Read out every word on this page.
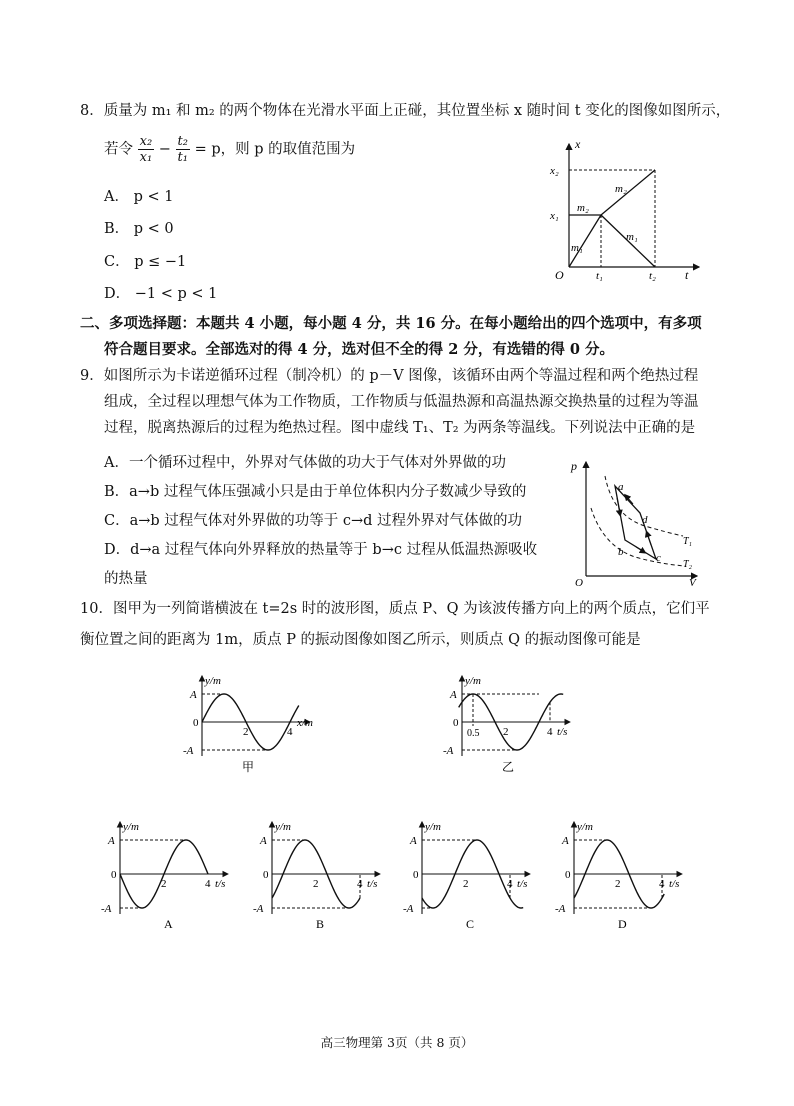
8．质量为 m₁ 和 m₂ 的两个物体在光滑水平面上正碰，其位置坐标 x 随时间 t 变化的图像如图所示，
若令 $\frac{\text{x₂}}{\text{x₁}} - \frac{\text{t₂}}{\text{t₁}} = p$，则 p 的取值范围为
A． p < 1
B． p < 0
C． p ≤ −1
D． −1 < p < 1
x
t
O
x₂
x₁
t₁	t₂
m₁
m₂
m₂
m₁
二、多项选择题：本题共 4 小题，每小题 4 分，共 16 分。在每小题给出的四个选项中，有多项
符合题目要求。全部选对的得 4 分，选对但不全的得 2 分，有选错的得 0 分。
9．如图所示为卡诺逆循环过程（制冷机）的 p－V 图像，该循环由两个等温过程和两个绝热过程
组成，全过程以理想气体为工作物质，工作物质与低温热源和高温热源交换热量的过程为等温
过程，脱离热源后的过程为绝热过程。图中虚线 T₁、T₂ 为两条等温线。下列说法中正确的是
A．一个循环过程中，外界对气体做的功大于气体对外界做的功
B．a→b 过程气体压强减小只是由于单位体积内分子数减少导致的
C．a→b 过程气体对外界做的功等于 c→d 过程外界对气体做的功
D．d→a 过程气体向外界释放的热量等于 b→c 过程从低温热源吸收
的热量
p
V
O
a
b	c
d
T₁
T₂
10．图甲为一列简谐横波在 t=2s 时的波形图，质点 P、Q 为该波传播方向上的两个质点，它们平
衡位置之间的距离为 1m，质点 P 的振动图像如图乙所示，则质点 Q 的振动图像可能是
y/m
A
-A
0
2	4
x/m
甲
y/m
A
-A
0
2	4
0.5	t/s
乙
y/m
A
-A
0
2	4 t/s
A
y/m
A
-A
0
2	4 t/s
B
y/m
A
-A
0
2	4 t/s
C
y/m
A
-A
0
2	4 t/s
D
高三物理第 3页（共 8 页）
